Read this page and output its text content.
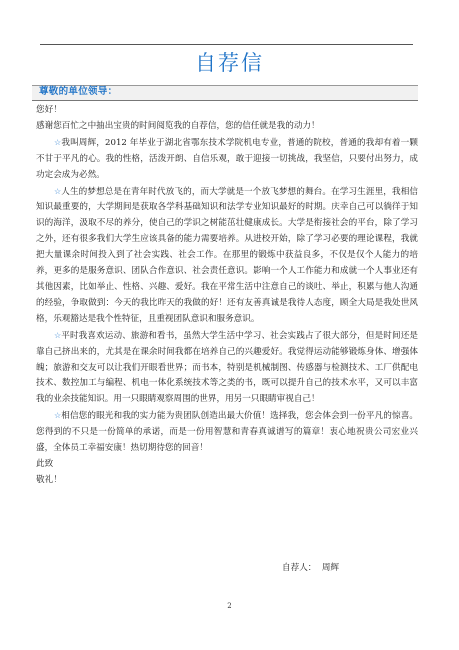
自荐信
尊敬的单位领导：

您好！

感谢您百忙之中抽出宝贵的时间阅览我的自荐信，您的信任就是我的动力！

☆我叫周辉，2012 年毕业于湖北省鄂东技术学院机电专业，普通的院校，普通的我却有着一颗不甘于平凡的心。我的性格，活泼开朗、自信乐观，敢于迎接一切挑战，我坚信，只要付出努力，成功定会成为必然。

☆人生的梦想总是在青年时代放飞的，而大学就是一个放飞梦想的舞台。在学习生涯里，我相信知识最重要的，大学期间是获取各学科基础知识和法学专业知识最好的时期。庆幸自己可以徜徉于知识的海洋，汲取不尽的养分，使自己的学识之树能茁壮健康成长。大学是衔接社会的平台，除了学习之外，还有很多我们大学生应该具备的能力需要培养。从进校开始，除了学习必要的理论课程，我就把大量课余时间投入到了社会实践、社会工作。在那里的锻炼中获益良多，不仅是仅个人能力的培养，更多的是服务意识、团队合作意识、社会责任意识。影响一个人工作能力和成就一个人事业还有其他因素，比如举止、性格、兴趣、爱好。我在平常生活中注意自己的谈吐、举止，积累与他人沟通的经验，争取做到：今天的我比昨天的我做的好！还有友善真诚是我待人态度，顾全大局是我处世风格，乐观豁达是我个性特征，且重视团队意识和服务意识。

☆平时我喜欢运动、旅游和看书，虽然大学生活中学习、社会实践占了很大部分，但是时间还是靠自己挤出来的，尤其是在课余时间我都在培养自己的兴趣爱好。我觉得运动能够锻炼身体、增强体魄；旅游和交友可以让我们开眼看世界；而书本，特别是机械制图、传感器与检测技术、工厂供配电技术、数控加工与编程、机电一体化系统技术等之类的书，既可以提升自己的技术水平，又可以丰富我的业余技能知识。用一只眼睛观察周围的世界，用另一只眼睛审视自己！

☆相信您的眼光和我的实力能为贵团队创造出最大价值！选择我，您会体会到一份平凡的惊喜。您得到的不只是一份简单的承诺，而是一份用智慧和青春真诚谱写的篇章！衷心地祝贵公司宏业兴盛，全体员工幸福安康！热切期待您的回音！

此致

敬礼！

自荐人：  周辉
2
